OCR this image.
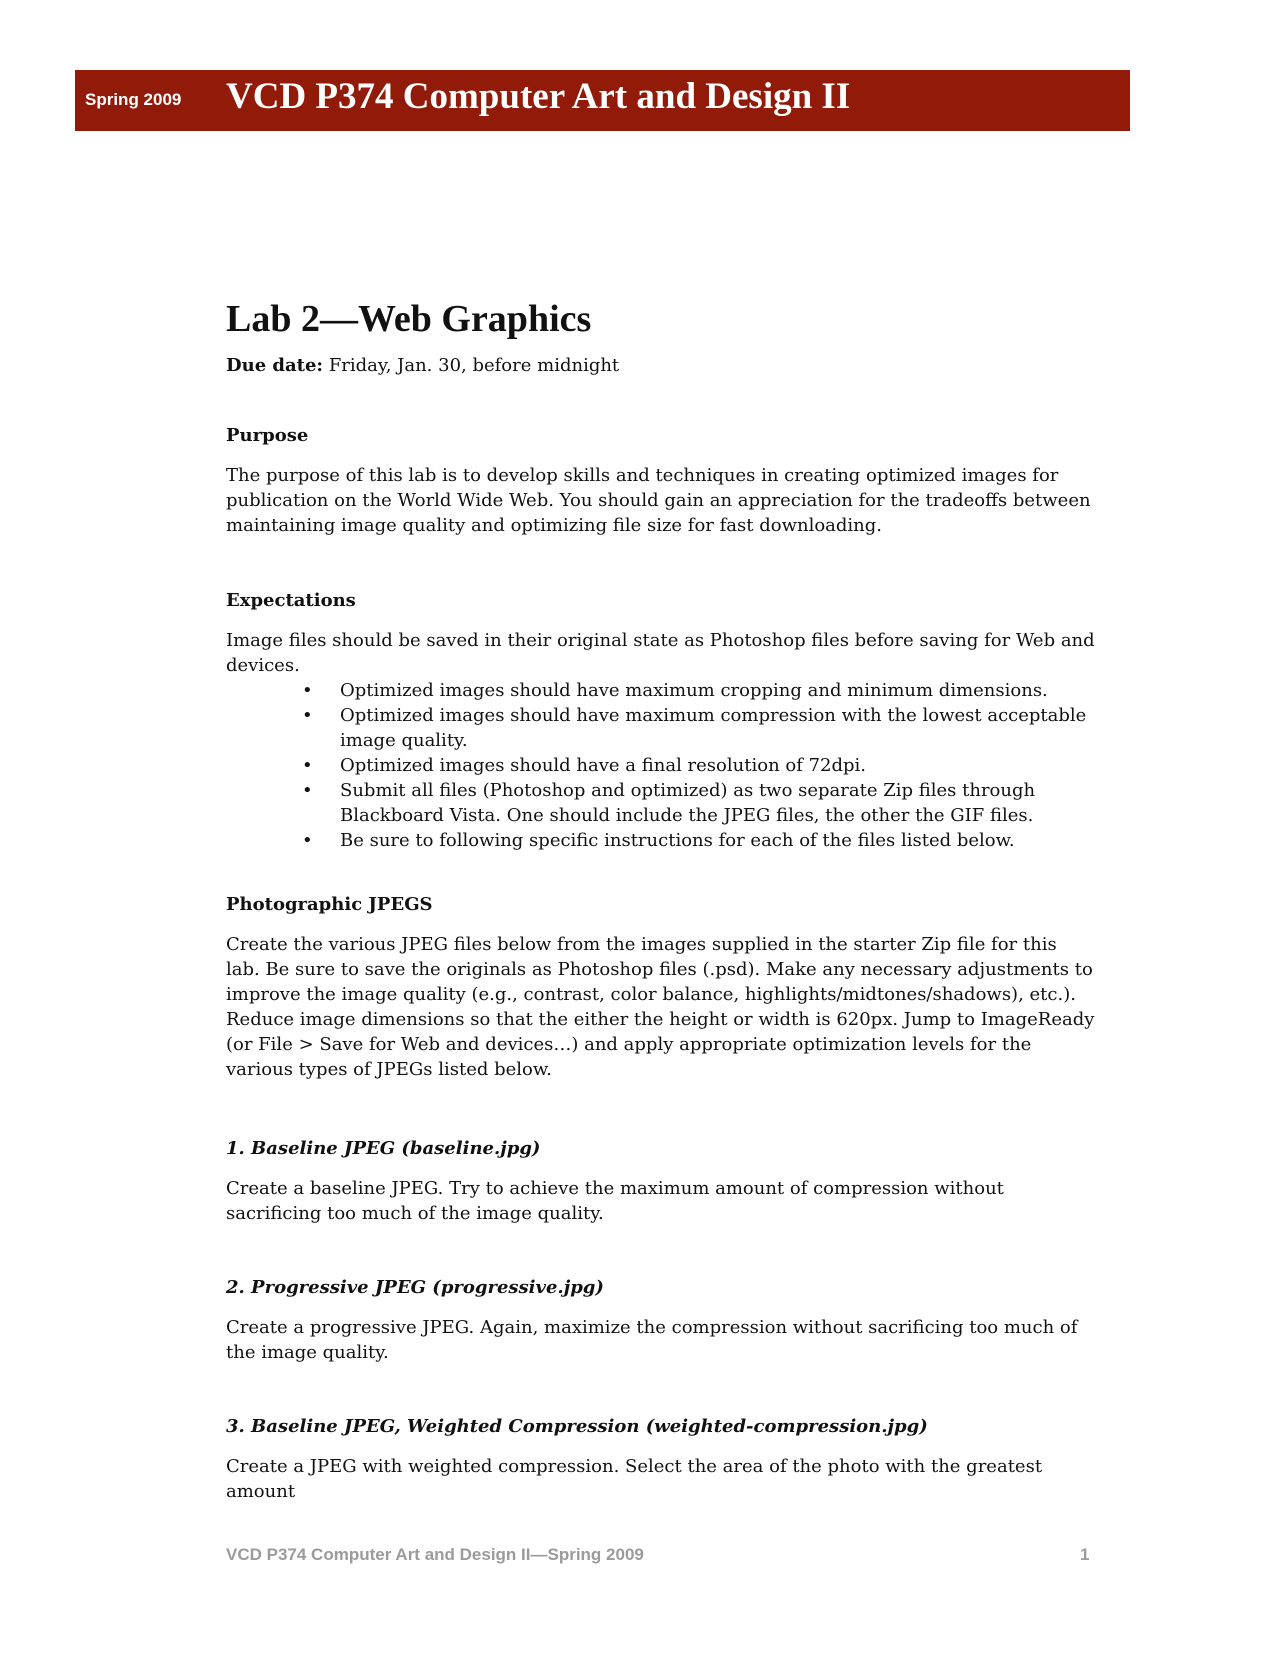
Spring 2009 VCD P374 Computer Art and Design II
Lab 2—Web Graphics

Due date: Friday, Jan. 30, before midnight

Purpose

The purpose of this lab is to develop skills and techniques in creating optimized images for publication on the World Wide Web. You should gain an appreciation for the tradeoffs between maintaining image quality and optimizing file size for fast downloading.

Expectations

Image files should be saved in their original state as Photoshop files before saving for Web and devices.

• Optimized images should have maximum cropping and minimum dimensions.
• Optimized images should have maximum compression with the lowest acceptable image quality.
• Optimized images should have a final resolution of 72dpi.
• Submit all files (Photoshop and optimized) as two separate Zip files through Blackboard Vista. One should include the JPEG files, the other the GIF files.
• Be sure to following specific instructions for each of the files listed below.
Photographic JPEGS

Create the various JPEG files below from the images supplied in the starter Zip file for this lab. Be sure to save the originals as Photoshop files (.psd). Make any necessary adjustments to improve the image quality (e.g., contrast, color balance, highlights/midtones/shadows), etc.). Reduce image dimensions so that the either the height or width is 620px. Jump to ImageReady (or File > Save for Web and devices…) and apply appropriate optimization levels for the various types of JPEGs listed below.

1. Baseline JPEG (baseline.jpg)

Create a baseline JPEG. Try to achieve the maximum amount of compression without sacrificing too much of the image quality.

2. Progressive JPEG (progressive.jpg)

Create a progressive JPEG. Again, maximize the compression without sacrificing too much of the image quality.

3. Baseline JPEG, Weighted Compression (weighted-compression.jpg)

Create a JPEG with weighted compression. Select the area of the photo with the greatest amount

VCD P374 Computer Art and Design II—Spring 2009	1
